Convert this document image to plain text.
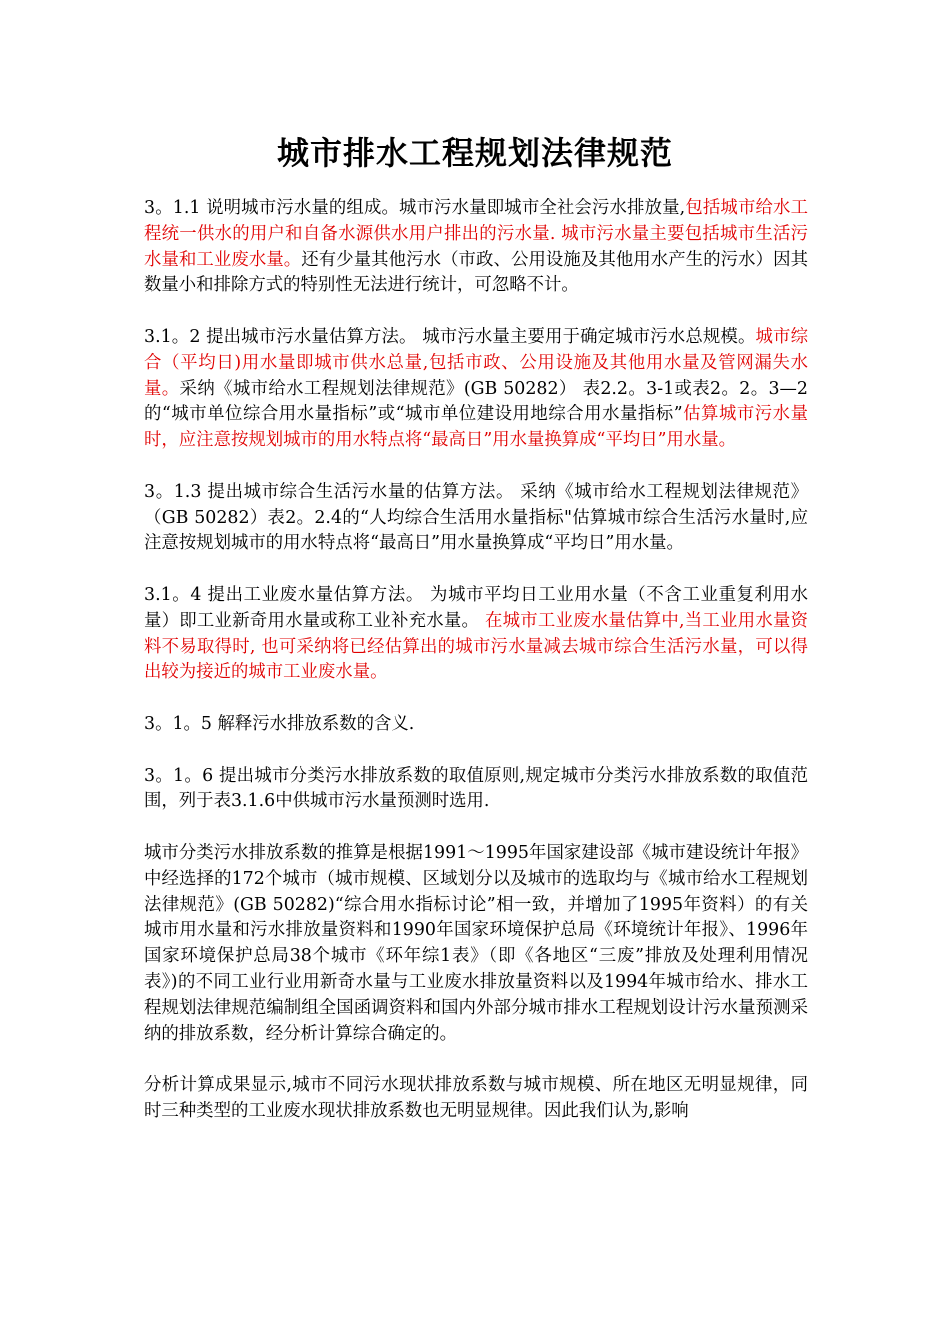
城市排水工程规划法律规范

3。1.1 说明城市污水量的组成。城市污水量即城市全社会污水排放量,包括城市给水工程统一供水的用户和自备水源供水用户排出的污水量. 城市污水量主要包括城市生活污水量和工业废水量。还有少量其他污水（市政、公用设施及其他用水产生的污水）因其数量小和排除方式的特别性无法进行统计，可忽略不计。

3.1。2 提出城市污水量估算方法。 城市污水量主要用于确定城市污水总规模。城市综合（平均日)用水量即城市供水总量,包括市政、公用设施及其他用水量及管网漏失水量。采纳《城市给水工程规划法律规范》(GB 50282） 表2.2。3-1或表2。2。3—2的“城市单位综合用水量指标”或“城市单位建设用地综合用水量指标”估算城市污水量时，应注意按规划城市的用水特点将“最高日”用水量换算成“平均日”用水量。

3。1.3 提出城市综合生活污水量的估算方法。 采纳《城市给水工程规划法律规范》（GB 50282）表2。2.4的“人均综合生活用水量指标"估算城市综合生活污水量时,应注意按规划城市的用水特点将“最高日”用水量换算成“平均日”用水量。

3.1。4 提出工业废水量估算方法。 为城市平均日工业用水量（不含工业重复利用水量）即工业新奇用水量或称工业补充水量。 在城市工业废水量估算中,当工业用水量资料不易取得时, 也可采纳将已经估算出的城市污水量减去城市综合生活污水量，可以得出较为接近的城市工业废水量。

3。1。5 解释污水排放系数的含义.

3。1。6 提出城市分类污水排放系数的取值原则,规定城市分类污水排放系数的取值范围，列于表3.1.6中供城市污水量预测时选用.

城市分类污水排放系数的推算是根据1991～1995年国家建设部《城市建设统计年报》中经选择的172个城市（城市规模、区域划分以及城市的选取均与《城市给水工程规划法律规范》(GB 50282)“综合用水指标讨论”相一致，并增加了1995年资料）的有关城市用水量和污水排放量资料和1990年国家环境保护总局《环境统计年报》、1996年国家环境保护总局38个城市《环年综1表》（即《各地区“三废”排放及处理利用情况表》)的不同工业行业用新奇水量与工业废水排放量资料以及1994年城市给水、排水工程规划法律规范编制组全国函调资料和国内外部分城市排水工程规划设计污水量预测采纳的排放系数，经分析计算综合确定的。

分析计算成果显示,城市不同污水现状排放系数与城市规模、所在地区无明显规律，同时三种类型的工业废水现状排放系数也无明显规律。因此我们认为,影响
